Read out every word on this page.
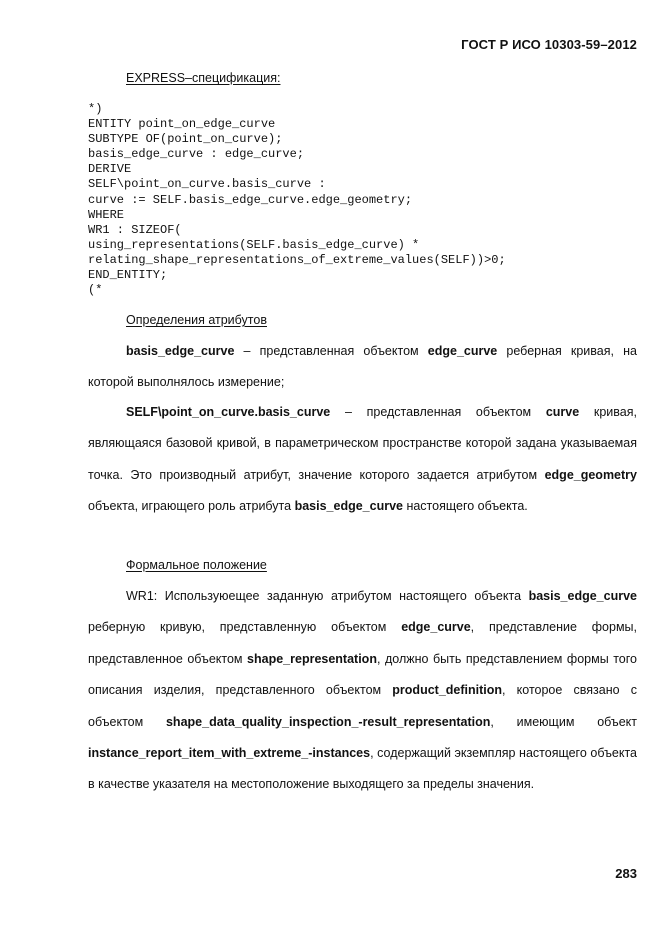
ГОСТ Р ИСО 10303-59–2012
EXPRESS–спецификация:
*)
ENTITY point_on_edge_curve
SUBTYPE OF(point_on_curve);
basis_edge_curve : edge_curve;
DERIVE
SELF\point_on_curve.basis_curve :
curve := SELF.basis_edge_curve.edge_geometry;
WHERE
WR1 : SIZEOF(
using_representations(SELF.basis_edge_curve) *
relating_shape_representations_of_extreme_values(SELF))>0;
END_ENTITY;
(*
Определения атрибутов

basis_edge_curve – представленная объектом edge_curve реберная кривая, на которой выполнялось измерение;

SELF\point_on_curve.basis_curve – представленная объектом curve кривая, являющаяся базовой кривой, в параметрическом пространстве которой задана указываемая точка. Это производный атрибут, значение которого задается атрибутом edge_geometry объекта, играющего роль атрибута basis_edge_curve настоящего объекта.

Формальное положение

WR1: Используюещее заданную атрибутом настоящего объекта basis_edge_curve реберную кривую, представленную объектом edge_curve, представление формы, представленное объектом shape_representation, должно быть представлением формы того описания изделия, представленного объектом product_definition, которое связано с объектом shape_data_quality_inspection_-result_representation, имеющим объект instance_report_item_with_extreme_-instances, содержащий экземпляр настоящего объекта в качестве указателя на местоположение выходящего за пределы значения.

283
